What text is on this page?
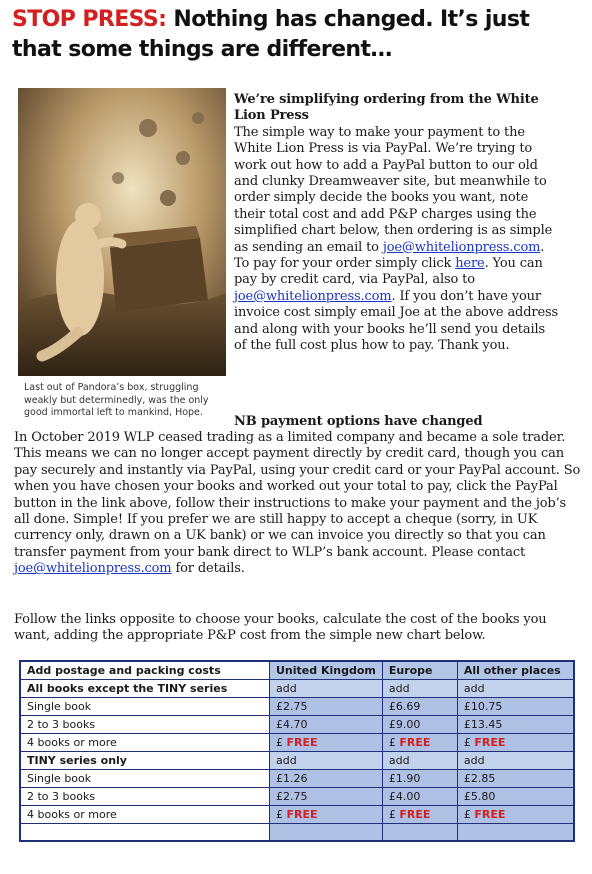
STOP PRESS: Nothing has changed. It’s just that some things are different…
Last out of Pandora’s box, struggling weakly but determinedly, was the only good immortal left to mankind, Hope.
We’re simplifying ordering from the White Lion Press
The simple way to make your payment to the White Lion Press is via PayPal. We’re trying to work out how to add a PayPal button to our old and clunky Dreamweaver site, but meanwhile to order simply decide the books you want, note their total cost and add P&P charges using the simplified chart below, then ordering is as simple as sending an email to joe@whitelionpress.com. To pay for your order simply click here. You can pay by credit card, via PayPal, also to joe@whitelionpress.com. If you don’t have your invoice cost simply email Joe at the above address and along with your books he’ll send you details of the full cost plus how to pay. Thank you.
NB payment options have changed
In October 2019 WLP ceased trading as a limited company and became a sole trader. This means we can no longer accept payment directly by credit card, though you can pay securely and instantly via PayPal, using your credit card or your PayPal account. So when you have chosen your books and worked out your total to pay, click the PayPal button in the link above, follow their instructions to make your payment and the job’s all done. Simple! If you prefer we are still happy to accept a cheque (sorry, in UK currency only, drawn on a UK bank) or we can invoice you directly so that you can transfer payment from your bank direct to WLP’s bank account. Please contact joe@whitelionpress.com for details.
Follow the links opposite to choose your books, calculate the cost of the books you want, adding the appropriate P&P cost from the simple new chart below.
Add postage and packing costs	United Kingdom	Europe	All other places
All books except the TINY series	add	add	add
Single book	£2.75	£6.69	£10.75
2 to 3 books	£4.70	£9.00	£13.45
4 books or more	£ FREE	£ FREE	£ FREE
TINY series only	add	add	add
Single book	£1.26	£1.90	£2.85
2 to 3 books	£2.75	£4.00	£5.80
4 books or more	£ FREE	£ FREE	£ FREE
